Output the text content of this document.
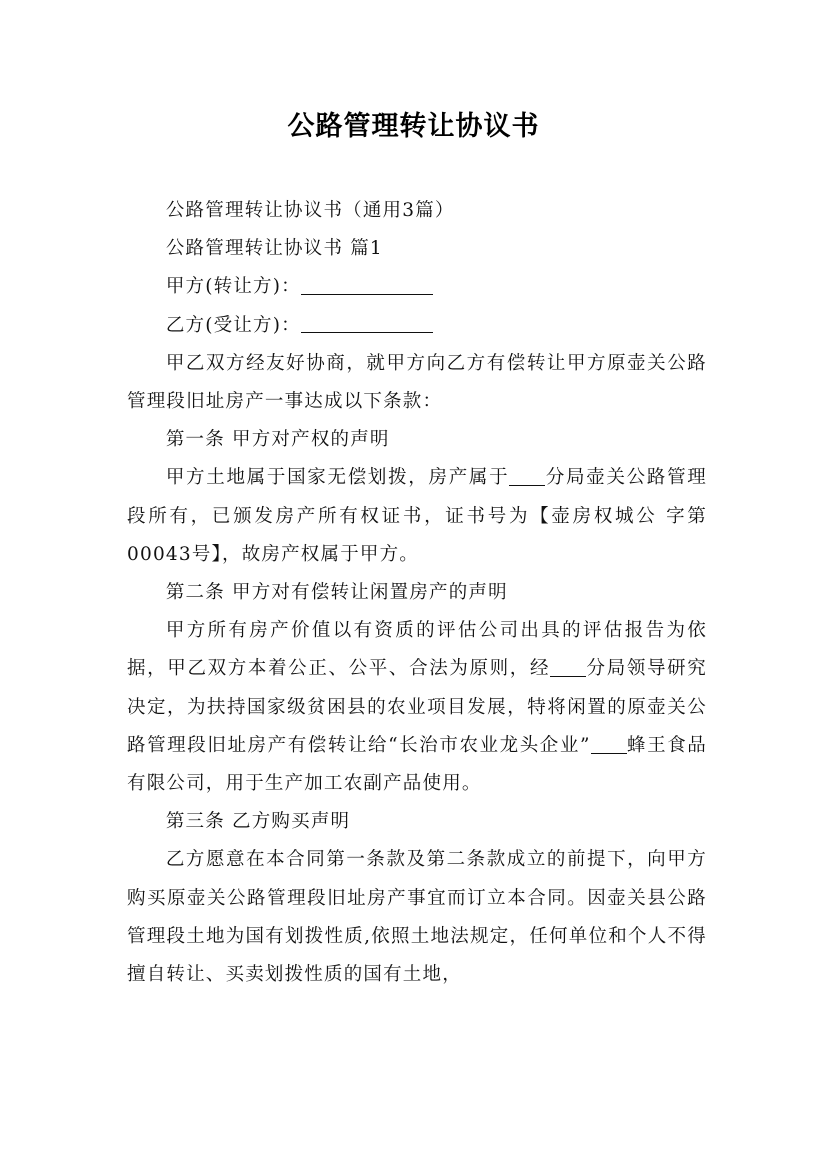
公路管理转让协议书

公路管理转让协议书（通用3篇）

公路管理转让协议书 篇1

甲方(转让方)：

乙方(受让方)：

甲乙双方经友好协商，就甲方向乙方有偿转让甲方原壶关公路管理段旧址房产一事达成以下条款：

第一条 甲方对产权的声明

甲方土地属于国家无偿划拨，房产属于 分局壶关公路管理段所有，已颁发房产所有权证书，证书号为【壶房权城公 字第00043号】，故房产权属于甲方。

第二条 甲方对有偿转让闲置房产的声明

甲方所有房产价值以有资质的评估公司出具的评估报告为依据，甲乙双方本着公正、公平、合法为原则，经 分局领导研究决定，为扶持国家级贫困县的农业项目发展，特将闲置的原壶关公路管理段旧址房产有偿转让给“长治市农业龙头企业” 蜂王食品有限公司，用于生产加工农副产品使用。

第三条 乙方购买声明

乙方愿意在本合同第一条款及第二条款成立的前提下，向甲方购买原壶关公路管理段旧址房产事宜而订立本合同。因壶关县公路管理段土地为国有划拨性质,依照土地法规定，任何单位和个人不得擅自转让、买卖划拨性质的国有土地，
